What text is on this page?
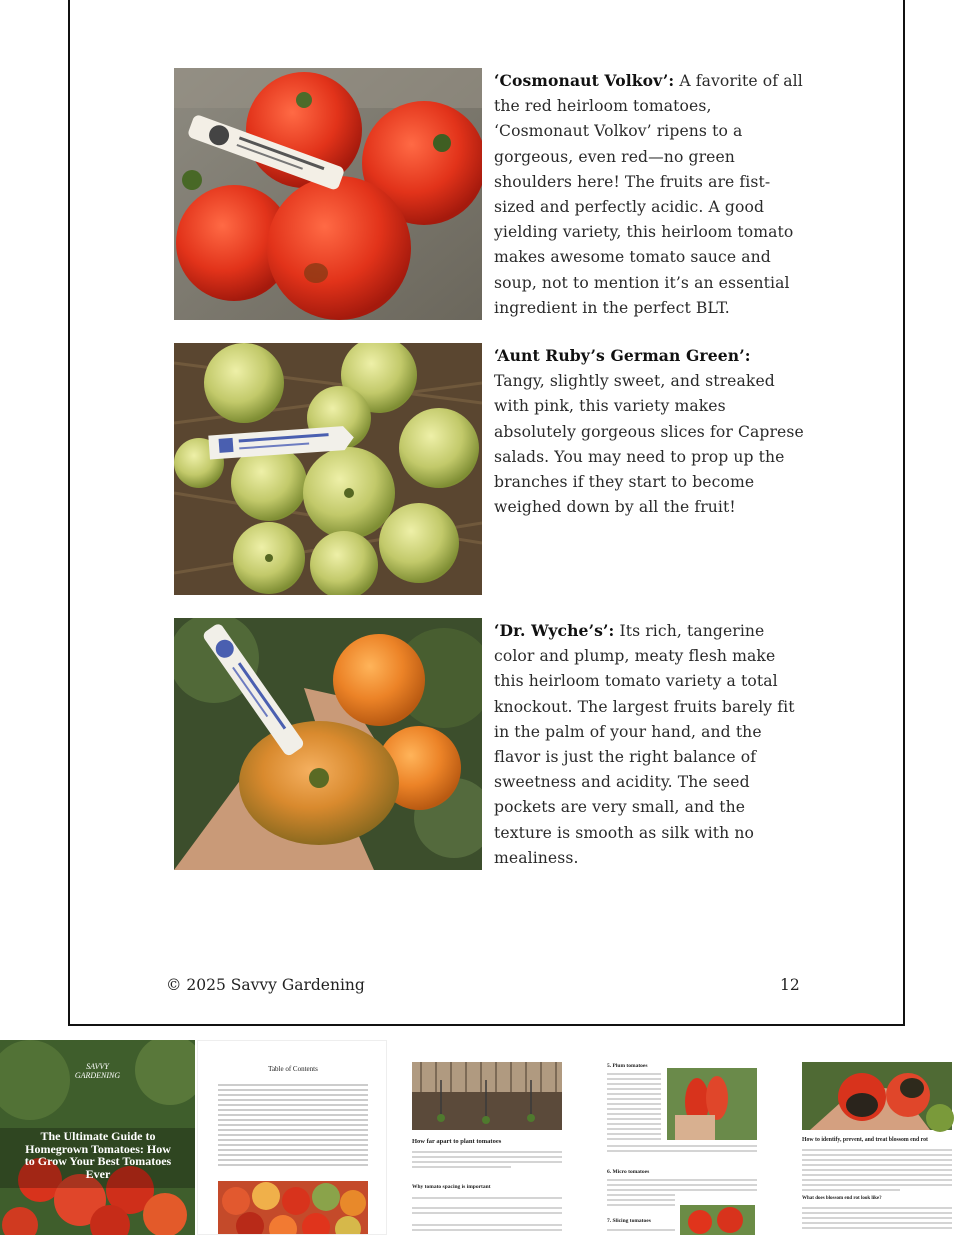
‘Cosmonaut Volkov’: A favorite of all the red heirloom tomatoes, ‘Cosmonaut Volkov’ ripens to a gorgeous, even red—no green shoulders here! The fruits are fist-sized and perfectly acidic. A good yielding variety, this heirloom tomato makes awesome tomato sauce and soup, not to mention it’s an essential ingredient in the perfect BLT.
‘Aunt Ruby’s German Green’: Tangy, slightly sweet, and streaked with pink, this variety makes absolutely gorgeous slices for Caprese salads. You may need to prop up the branches if they start to become weighed down by all the fruit!
‘Dr. Wyche’s’: Its rich, tangerine color and plump, meaty flesh make this heirloom tomato variety a total knockout. The largest fruits barely fit in the palm of your hand, and the flavor is just the right balance of sweetness and acidity. The seed pockets are very small, and the texture is smooth as silk with no mealiness.
© 2025 Savvy Gardening	12
SAVVY
GARDENING
The Ultimate Guide to Homegrown Tomatoes: How to Grow Your Best Tomatoes Ever
Table of Contents
How far apart to plant tomatoes
Why tomato spacing is important
5. Plum tomatoes
6. Micro tomatoes
7. Slicing tomatoes
How to identify, prevent, and treat blossom end rot
What does blossom end rot look like?
